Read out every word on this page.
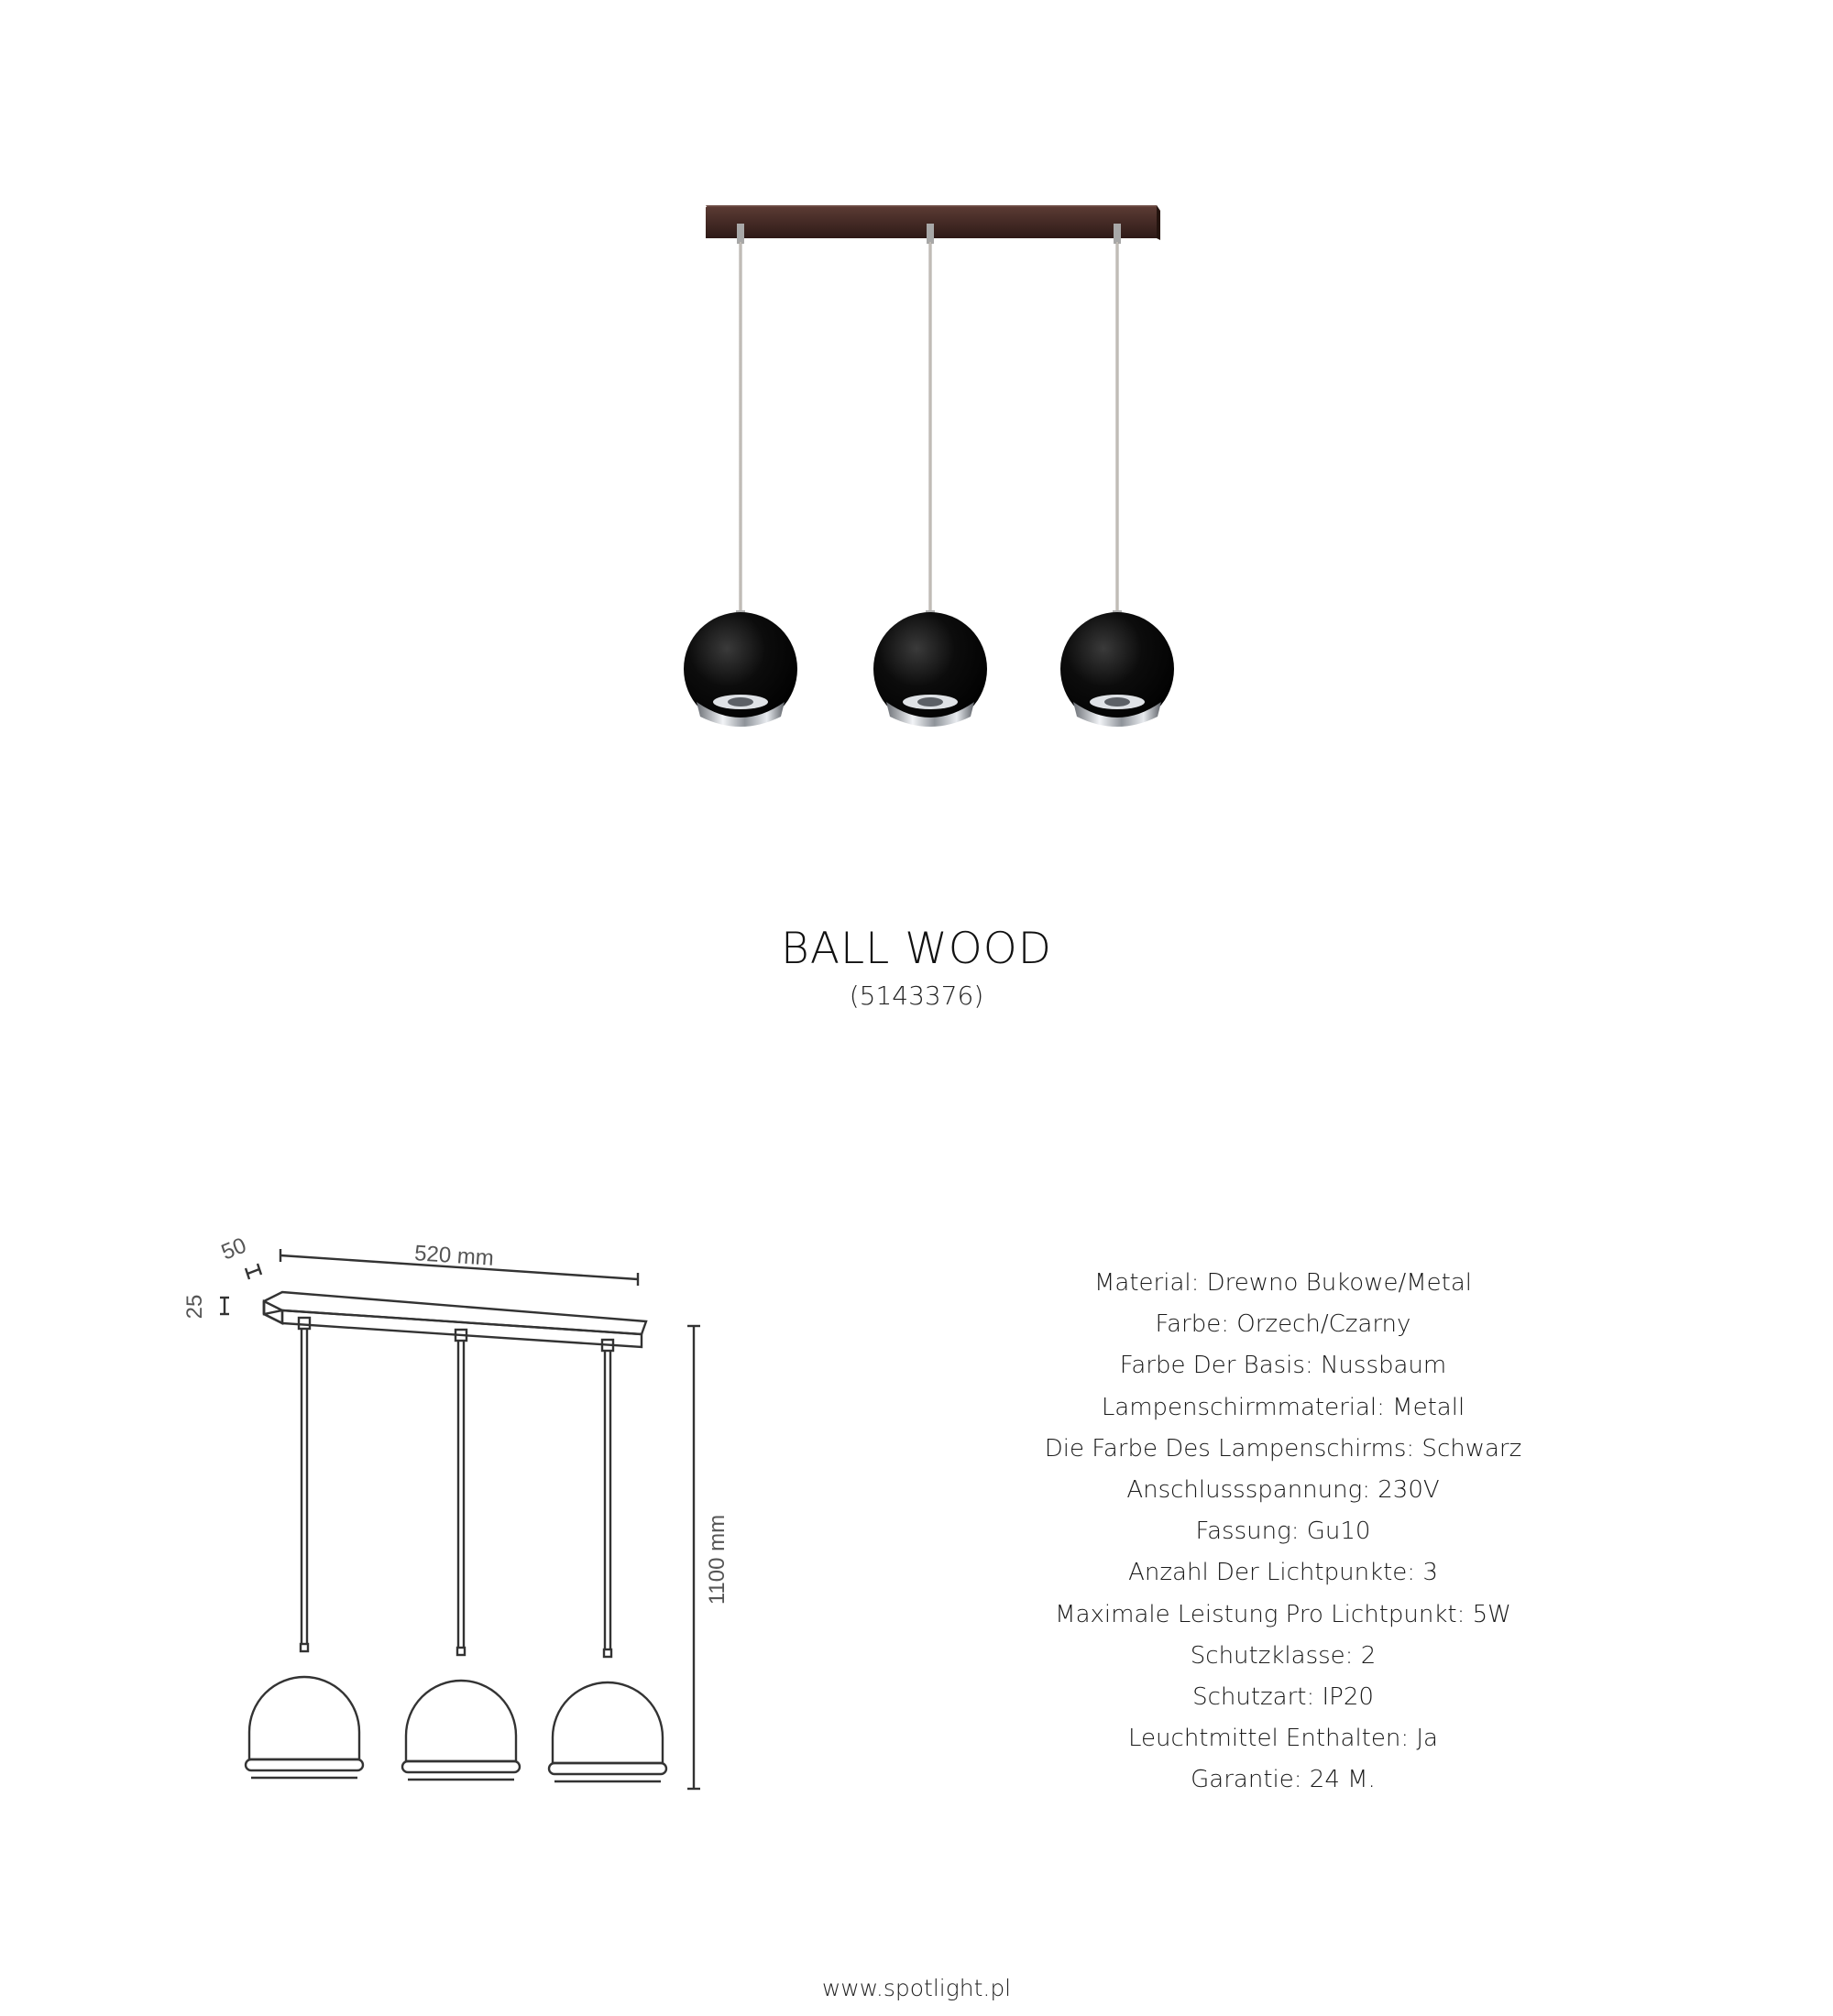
BALL WOOD
(5143376)
520 mm
50
25
1100 mm
Material: Drewno Bukowe/Metal
Farbe: Orzech/Czarny
Farbe Der Basis: Nussbaum
Lampenschirmmaterial: Metall
Die Farbe Des Lampenschirms: Schwarz
Anschlussspannung: 230V
Fassung: Gu10
Anzahl Der Lichtpunkte: 3
Maximale Leistung Pro Lichtpunkt: 5W
Schutzklasse: 2
Schutzart: IP20
Leuchtmittel Enthalten: Ja
Garantie: 24 M.
www.spotlight.pl
